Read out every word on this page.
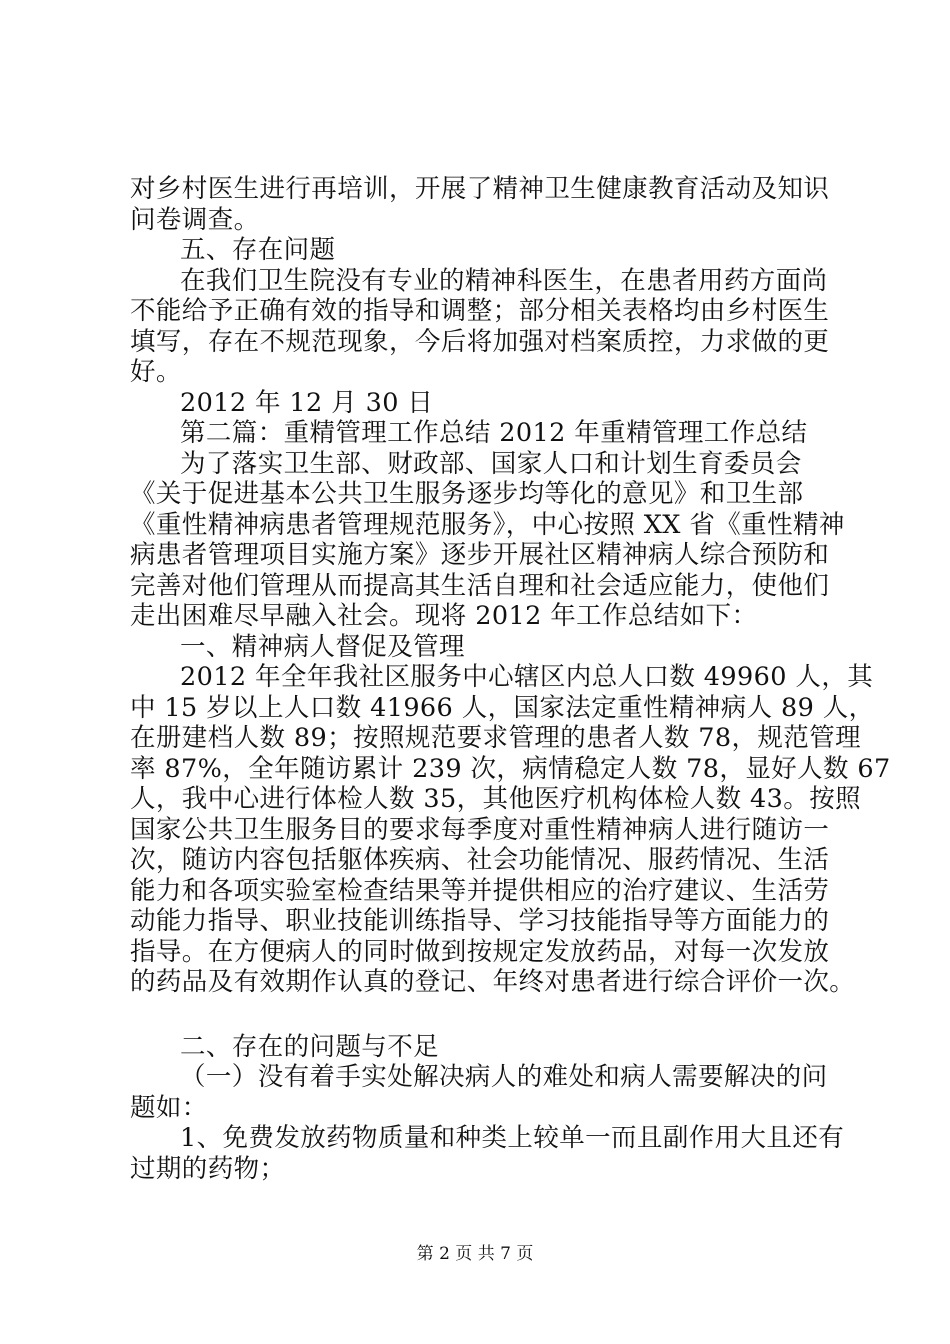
对乡村医生进行再培训，开展了精神卫生健康教育活动及知识
问卷调查。
五、存在问题
在我们卫生院没有专业的精神科医生，在患者用药方面尚
不能给予正确有效的指导和调整；部分相关表格均由乡村医生
填写，存在不规范现象，今后将加强对档案质控，力求做的更
好。
2012 年 12 月 30 日
第二篇：重精管理工作总结 2012 年重精管理工作总结
为了落实卫生部、财政部、国家人口和计划生育委员会
《关于促进基本公共卫生服务逐步均等化的意见》和卫生部
《重性精神病患者管理规范服务》，中心按照 XX 省《重性精神
病患者管理项目实施方案》逐步开展社区精神病人综合预防和
完善对他们管理从而提高其生活自理和社会适应能力，使他们
走出困难尽早融入社会。现将 2012 年工作总结如下：
一、精神病人督促及管理
2012 年全年我社区服务中心辖区内总人口数 49960 人，其
中 15 岁以上人口数 41966 人，国家法定重性精神病人 89 人，
在册建档人数 89；按照规范要求管理的患者人数 78，规范管理
率 87%，全年随访累计 239 次，病情稳定人数 78，显好人数 67
人，我中心进行体检人数 35，其他医疗机构体检人数 43。按照
国家公共卫生服务目的要求每季度对重性精神病人进行随访一
次，随访内容包括躯体疾病、社会功能情况、服药情况、生活
能力和各项实验室检查结果等并提供相应的治疗建议、生活劳
动能力指导、职业技能训练指导、学习技能指导等方面能力的
指导。在方便病人的同时做到按规定发放药品，对每一次发放
的药品及有效期作认真的登记、年终对患者进行综合评价一次。
二、存在的问题与不足
（一）没有着手实处解决病人的难处和病人需要解决的问
题如：
1、免费发放药物质量和种类上较单一而且副作用大且还有
过期的药物；
第 2 页 共 7 页
